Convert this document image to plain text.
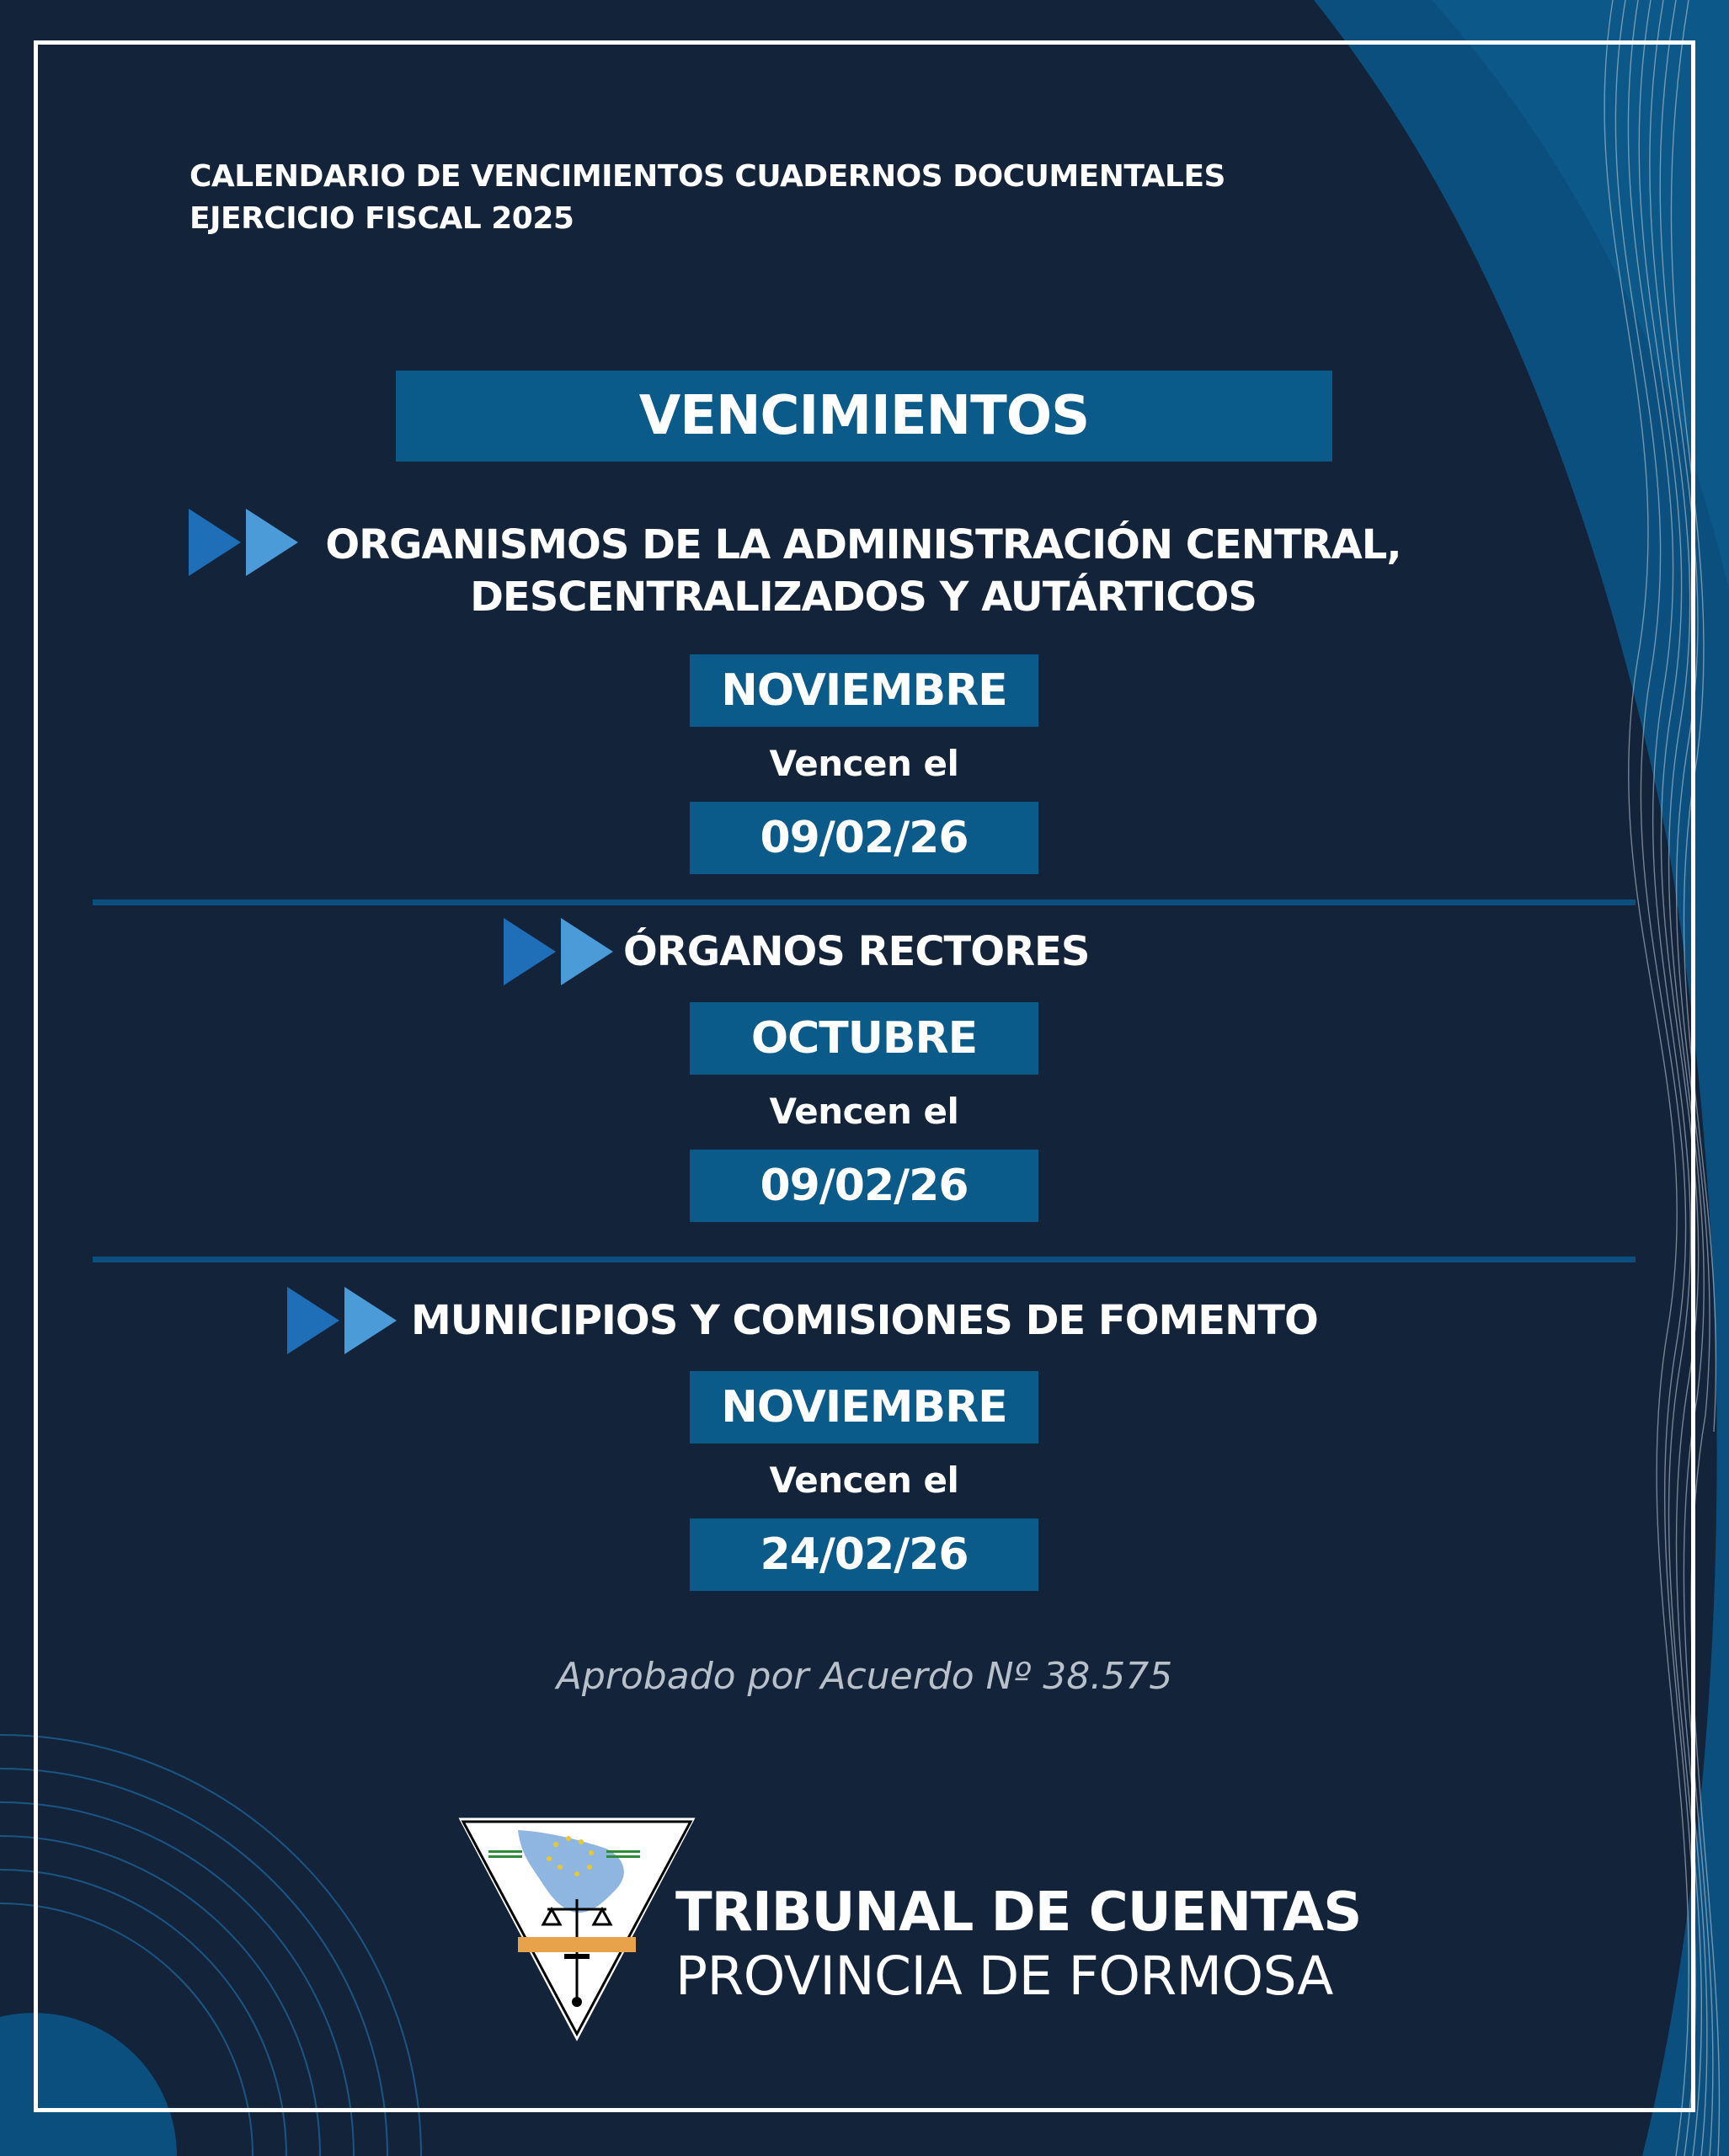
CALENDARIO DE VENCIMIENTOS CUADERNOS DOCUMENTALES
EJERCICIO FISCAL 2025
VENCIMIENTOS
ORGANISMOS DE LA ADMINISTRACIÓN CENTRAL,
DESCENTRALIZADOS Y AUTÁRTICOS
NOVIEMBRE
Vencen el
09/02/26
ÓRGANOS RECTORES
OCTUBRE
Vencen el
09/02/26
MUNICIPIOS Y COMISIONES DE FOMENTO
NOVIEMBRE
Vencen el
24/02/26
Aprobado por Acuerdo Nº 38.575
TRIBUNAL DE CUENTAS
PROVINCIA DE FORMOSA
